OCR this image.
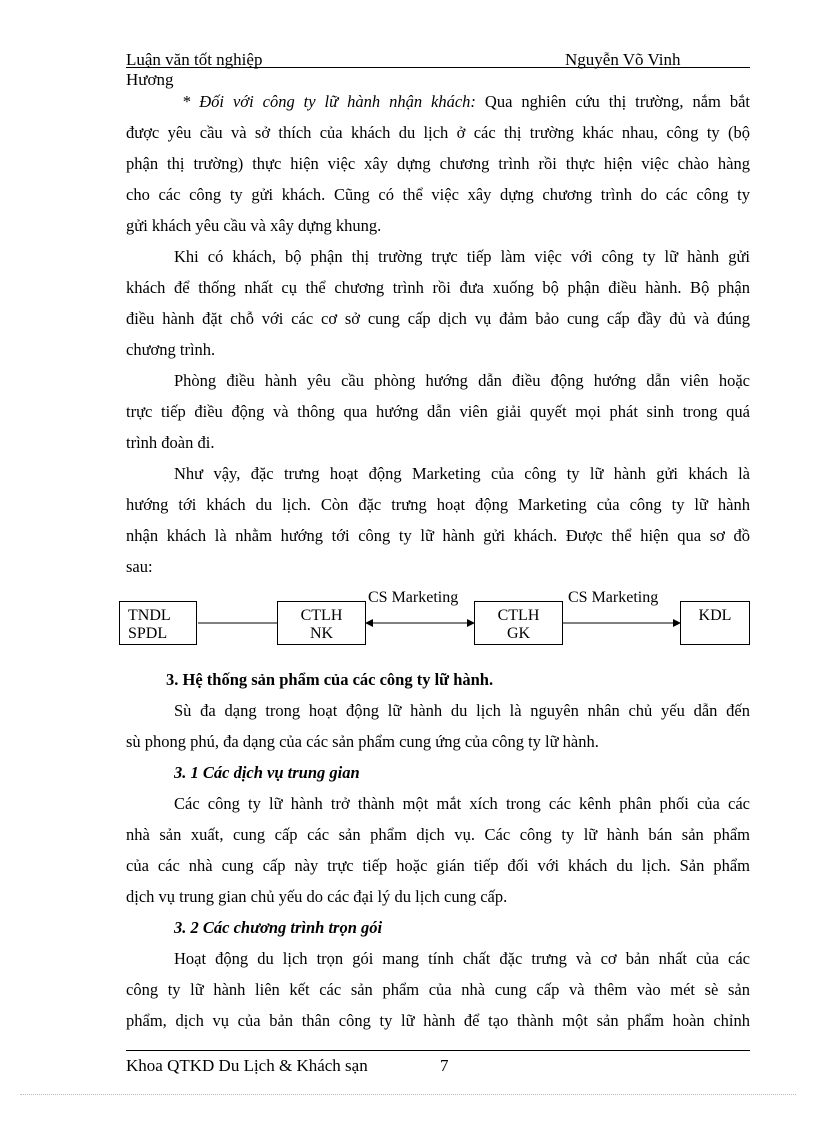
Luận văn tốt nghiệp	Nguyễn Võ Vinh
Hương
* Đối với công ty lữ hành nhận khách: Qua nghiên cứu thị trường, nắm bắt
được yêu cầu và sở thích của khách du lịch ở các thị trường khác nhau, công ty (bộ
phận thị trường) thực hiện việc xây dựng chương trình rồi thực hiện việc chào hàng
cho các công ty gửi khách. Cũng có thể việc xây dựng chương trình do các công ty
gửi khách yêu cầu và xây dựng khung.
Khi có khách, bộ phận thị trường trực tiếp làm việc với công ty lữ hành gửi
khách để thống nhất cụ thể chương trình rồi đưa xuống bộ phận điều hành. Bộ phận
điều hành đặt chỗ với các cơ sở cung cấp dịch vụ đảm bảo cung cấp đầy đủ và đúng
chương trình.
Phòng điều hành yêu cầu phòng hướng dẫn điều động hướng dẫn viên hoặc
trực tiếp điều động và thông qua hướng dẫn viên giải quyết mọi phát sinh trong quá
trình đoàn đi.
Như vậy, đặc trưng hoạt động Marketing của công ty lữ hành gửi khách là
hướng tới khách du lịch. Còn đặc trưng hoạt động Marketing của công ty lữ hành
nhận khách là nhằm hướng tới công ty lữ hành gửi khách. Được thể hiện qua sơ đồ
sau:
TNDL
SPDL
CTLH
NK
CTLH
GK
KDL
CS Marketing	CS Marketing
3. Hệ thống sản phẩm của các công ty lữ hành.
Sù đa dạng trong hoạt động lữ hành du lịch là nguyên nhân chủ yếu dẫn đến
sù phong phú, đa dạng của các sản phẩm cung ứng của công ty lữ hành.
3. 1 Các dịch vụ trung gian
Các công ty lữ hành trở thành một mắt xích trong các kênh phân phối của các
nhà sản xuất, cung cấp các sản phẩm dịch vụ. Các công ty lữ hành bán sản phẩm
của các nhà cung cấp này trực tiếp hoặc gián tiếp đối với khách du lịch. Sản phẩm
dịch vụ trung gian chủ yếu do các đại lý du lịch cung cấp.
3. 2 Các chương trình trọn gói
Hoạt động du lịch trọn gói mang tính chất đặc trưng và cơ bản nhất của các
công ty lữ hành liên kết các sản phẩm của nhà cung cấp và thêm vào mét sè sản
phẩm, dịch vụ của bản thân công ty lữ hành để tạo thành một sản phẩm hoàn chỉnh
Khoa QTKD Du Lịch & Khách sạn	7
